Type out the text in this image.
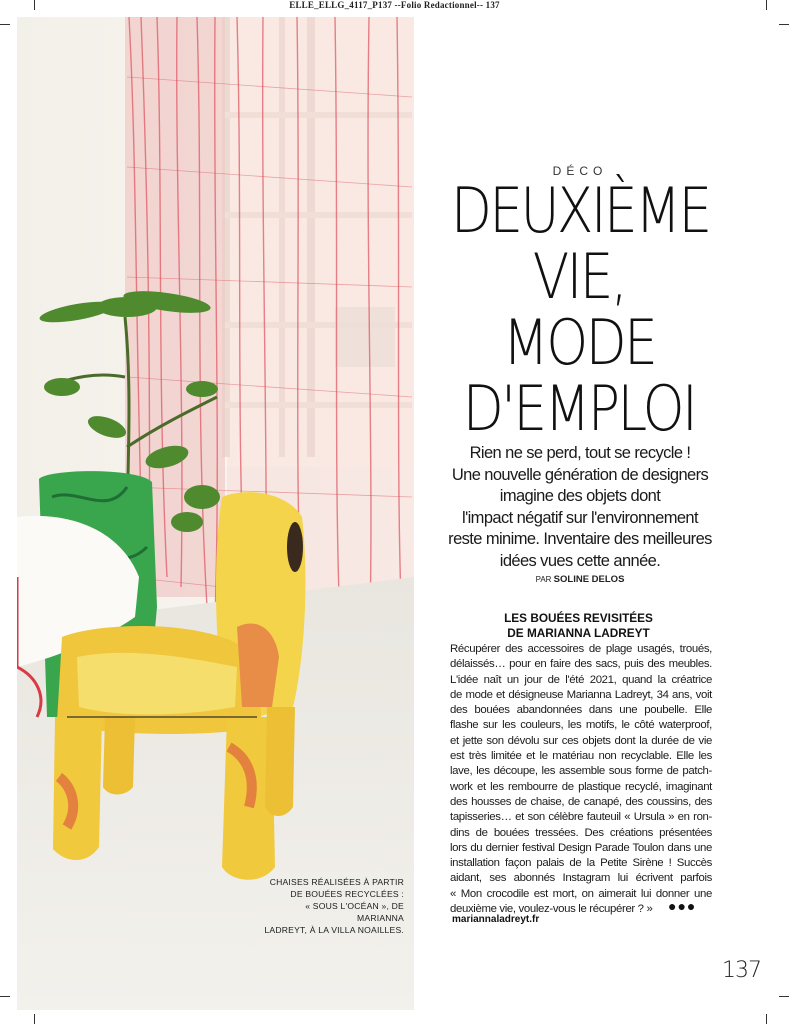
ELLE_ELLG_4117_P137 --Folio Redactionnel-- 137
CHAISES RÉALISÉES À PARTIR
DE BOUÉES RECYCLÉES :
« SOUS L'OCÉAN », DE MARIANNA
LADREYT, À LA VILLA NOAILLES.
DÉCO
DEUXIÈME
VIE,
MODE
D'EMPLOI
Rien ne se perd, tout se recycle !
Une nouvelle génération de designers
imagine des objets dont
l'impact négatif sur l'environnement
reste minime. Inventaire des meilleures
idées vues cette année.
PAR SOLINE DELOS
LES BOUÉES REVISITÉES
DE MARIANNA LADREYT
Récupérer des accessoires de plage usagés, troués,
délaissés… pour en faire des sacs, puis des meubles.
L'idée naît un jour de l'été 2021, quand la créatrice
de mode et désigneuse Marianna Ladreyt, 34 ans, voit
des bouées abandonnées dans une poubelle. Elle
flashe sur les couleurs, les motifs, le côté waterproof,
et jette son dévolu sur ces objets dont la durée de vie
est très limitée et le matériau non recyclable. Elle les
lave, les découpe, les assemble sous forme de patch-
work et les rembourre de plastique recyclé, imaginant
des housses de chaise, de canapé, des coussins, des
tapisseries… et son célèbre fauteuil « Ursula » en ron-
dins de bouées tressées. Des créations présentées
lors du dernier festival Design Parade Toulon dans une
installation façon palais de la Petite Sirène ! Succès
aidant, ses abonnés Instagram lui écrivent parfois
« Mon crocodile est mort, on aimerait lui donner une
deuxième vie, voulez-vous le récupérer ? »	●●●
mariannaladreyt.fr
137
